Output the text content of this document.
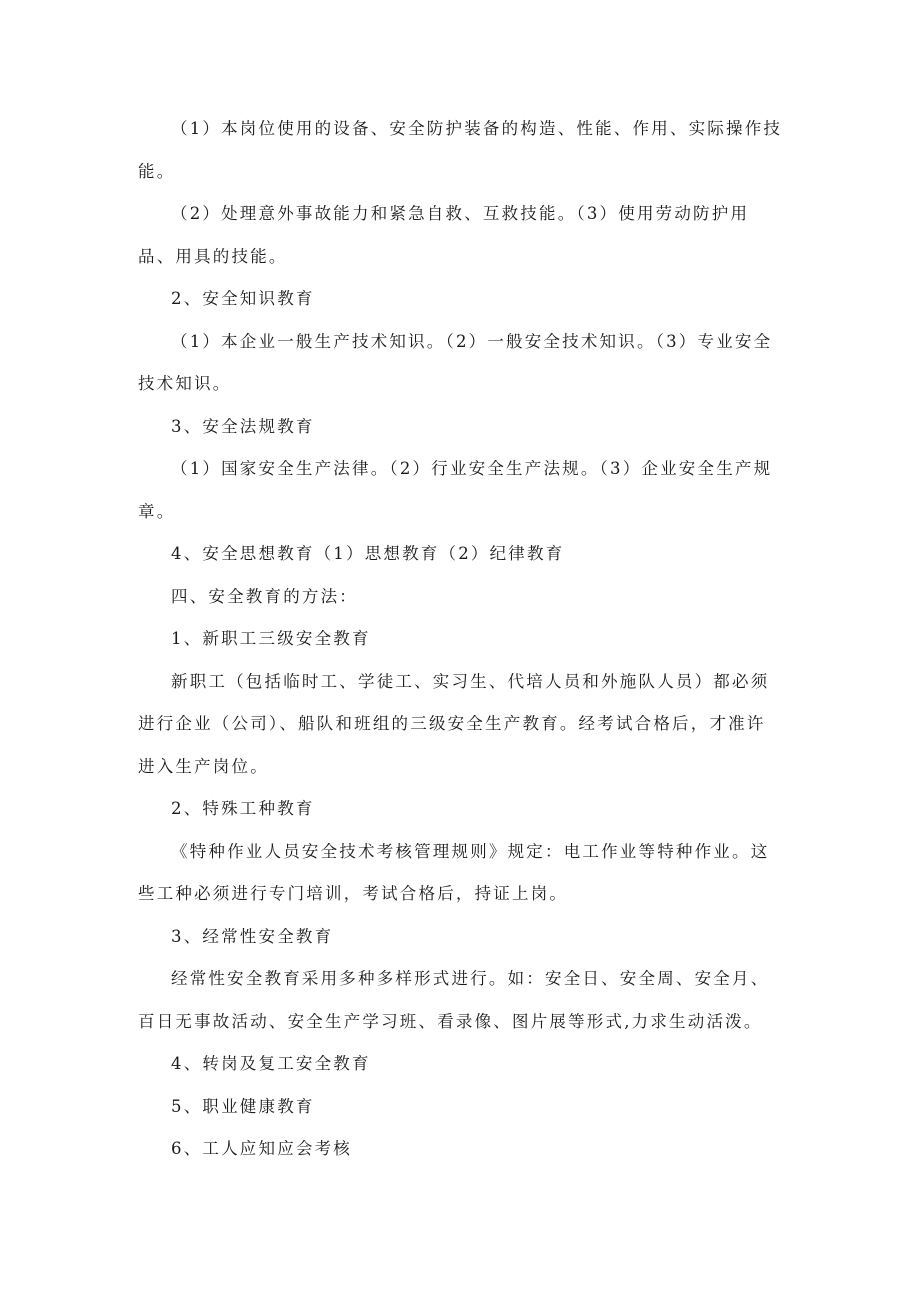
（1）本岗位使用的设备、安全防护装备的构造、性能、作用、实际操作技能。

（2）处理意外事故能力和紧急自救、互救技能。（3）使用劳动防护用品、用具的技能。

2、安全知识教育

（1）本企业一般生产技术知识。（2）一般安全技术知识。（3）专业安全技术知识。

3、安全法规教育

（1）国家安全生产法律。（2）行业安全生产法规。（3）企业安全生产规章。

4、安全思想教育（1）思想教育（2）纪律教育

四、安全教育的方法：

1、新职工三级安全教育

新职工（包括临时工、学徒工、实习生、代培人员和外施队人员）都必须进行企业（公司）、船队和班组的三级安全生产教育。经考试合格后，才准许进入生产岗位。

2、特殊工种教育

《特种作业人员安全技术考核管理规则》规定：电工作业等特种作业。这些工种必须进行专门培训，考试合格后，持证上岗。

3、经常性安全教育

经常性安全教育采用多种多样形式进行。如：安全日、安全周、安全月、百日无事故活动、安全生产学习班、看录像、图片展等形式,力求生动活泼。

4、转岗及复工安全教育

5、职业健康教育

6、工人应知应会考核
